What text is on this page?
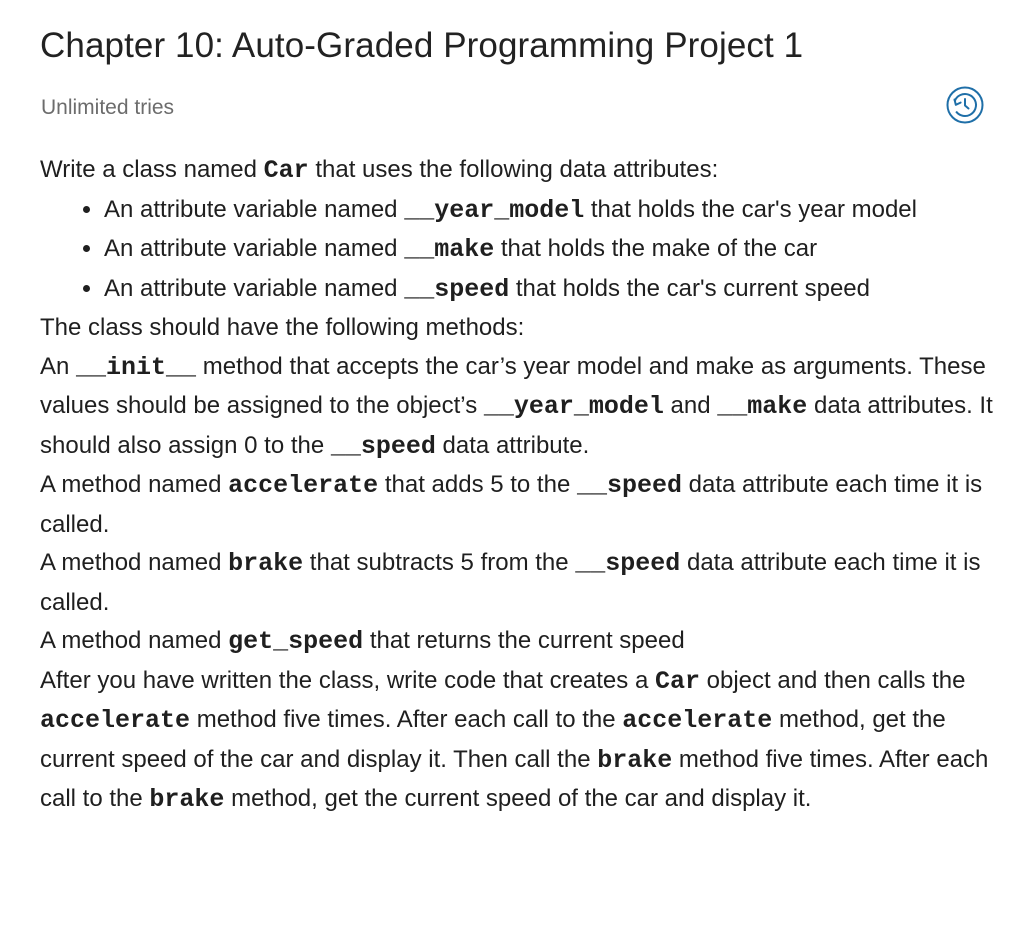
Chapter 10: Auto-Graded Programming Project 1
Unlimited tries

Write a class named Car that uses the following data attributes:

• An attribute variable named __year_model that holds the car's year model
• An attribute variable named __make that holds the make of the car
• An attribute variable named __speed that holds the car's current speed

The class should have the following methods:

An __init__ method that accepts the car’s year model and make as arguments. These values should be assigned to the object’s __year_model and __make data attributes. It should also assign 0 to the __speed data attribute.

A method named accelerate that adds 5 to the __speed data attribute each time it is called.

A method named brake that subtracts 5 from the __speed data attribute each time it is called.

A method named get_speed that returns the current speed

After you have written the class, write code that creates a Car object and then calls the accelerate method five times. After each call to the accelerate method, get the current speed of the car and display it. Then call the brake method five times. After each call to the brake method, get the current speed of the car and display it.
